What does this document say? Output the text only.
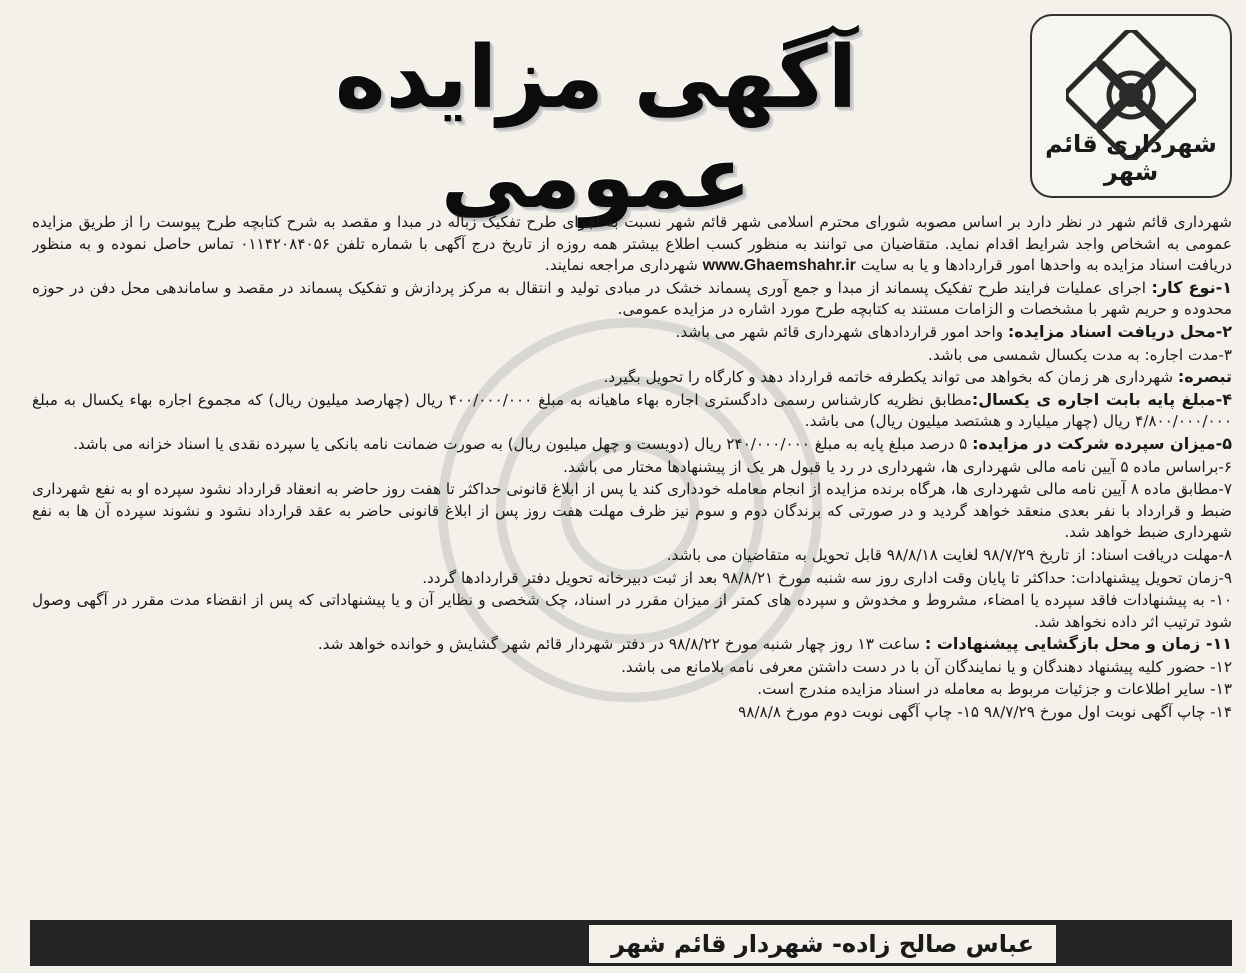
شهرداری قائم شهر
آگهی مزایده عمومی

شهرداری قائم شهر در نظر دارد بر اساس مصوبه شورای محترم اسلامی شهر قائم شهر نسبت به اجرای طرح تفکیک زباله در مبدا و مقصد به شرح کتابچه طرح پیوست را از طریق مزایده عمومی به اشخاص واجد شرایط اقدام نماید. متقاضیان می توانند به منظور کسب اطلاع بیشتر همه روزه از تاریخ درج آگهی با شماره تلفن ۰۱۱۴۲۰۸۴۰۵۶ تماس حاصل نموده و به منظور دریافت اسناد مزایده به واحدها امور قراردادها و یا به سایت www.Ghaemshahr.ir شهرداری مراجعه نمایند.

۱-نوع کار: اجرای عملیات فرایند طرح تفکیک پسماند از مبدا و جمع آوری پسماند خشک در مبادی تولید و انتقال به مرکز پردازش و تفکیک پسماند در مقصد و ساماندهی محل دفن در حوزه محدوده و حریم شهر با مشخصات و الزامات مستند به کتابچه طرح مورد اشاره در مزایده عمومی.

۲-محل دریافت اسناد مزایده: واحد امور قراردادهای شهرداری قائم شهر می باشد.

۳-مدت اجاره: به مدت یکسال شمسی می باشد.

تبصره: شهرداری هر زمان که بخواهد می تواند یکطرفه خاتمه قرارداد دهد و کارگاه را تحویل بگیرد.

۴-مبلغ پایه بابت اجاره ی یکسال:مطابق نظریه کارشناس رسمی دادگستری اجاره بهاء ماهیانه به مبلغ ۴۰۰/۰۰۰/۰۰۰ ریال (چهارصد میلیون ریال) که مجموع اجاره بهاء یکسال به مبلغ ۴/۸۰۰/۰۰۰/۰۰۰ ریال (چهار میلیارد و هشتصد میلیون ریال) می باشد.

۵-میزان سپرده شرکت در مزایده: ۵ درصد مبلغ پایه به مبلغ ۲۴۰/۰۰۰/۰۰۰ ریال (دویست و چهل میلیون ریال) به صورت ضمانت نامه بانکی یا سپرده نقدی یا اسناد خزانه می باشد.

۶-براساس ماده ۵ آیین نامه مالی شهرداری ها، شهرداری در رد یا قبول هر یک از پیشنهادها مختار می باشد.

۷-مطابق ماده ۸ آیین نامه مالی شهرداری ها، هرگاه برنده مزایده از انجام معامله خودداری کند یا پس از ابلاغ قانونی حداکثر تا هفت روز حاضر به انعقاد قرارداد نشود سپرده او به نفع شهرداری ضبط و قرارداد با نفر بعدی منعقد خواهد گردید و در صورتی که برندگان دوم و سوم نیز ظرف مهلت هفت روز پس از ابلاغ قانونی حاضر به عقد قرارداد نشود و نشوند سپرده آن ها به نفع شهرداری ضبط خواهد شد.

۸-مهلت دریافت اسناد: از تاریخ ۹۸/۷/۲۹ لغایت ۹۸/۸/۱۸ قابل تحویل به متقاضیان می باشد.

۹-زمان تحویل پیشنهادات: حداکثر تا پایان وقت اداری روز سه شنبه مورخ ۹۸/۸/۲۱ بعد از ثبت دبیرخانه تحویل دفتر قراردادها گردد.

۱۰- به پیشنهادات فاقد سپرده یا امضاء، مشروط و مخدوش و سپرده های کمتر از میزان مقرر در اسناد، چک شخصی و نظایر آن و یا پیشنهاداتی که پس از انقضاء مدت مقرر در آگهی وصول شود ترتیب اثر داده نخواهد شد.

۱۱- زمان و محل بازگشایی پیشنهادات : ساعت ۱۳ روز چهار شنبه مورخ ۹۸/۸/۲۲ در دفتر شهردار قائم شهر گشایش و خوانده خواهد شد.

۱۲- حضور کلیه پیشنهاد دهندگان و یا نمایندگان آن با در دست داشتن معرفی نامه بلامانع می باشد.

۱۳- سایر اطلاعات و جزئیات مربوط به معامله در اسناد مزایده مندرج است.

۱۴- چاپ آگهی نوبت اول مورخ ۹۸/۷/۲۹ ۱۵- چاپ آگهی نوبت دوم مورخ ۹۸/۸/۸

عباس صالح زاده- شهردار قائم شهر
